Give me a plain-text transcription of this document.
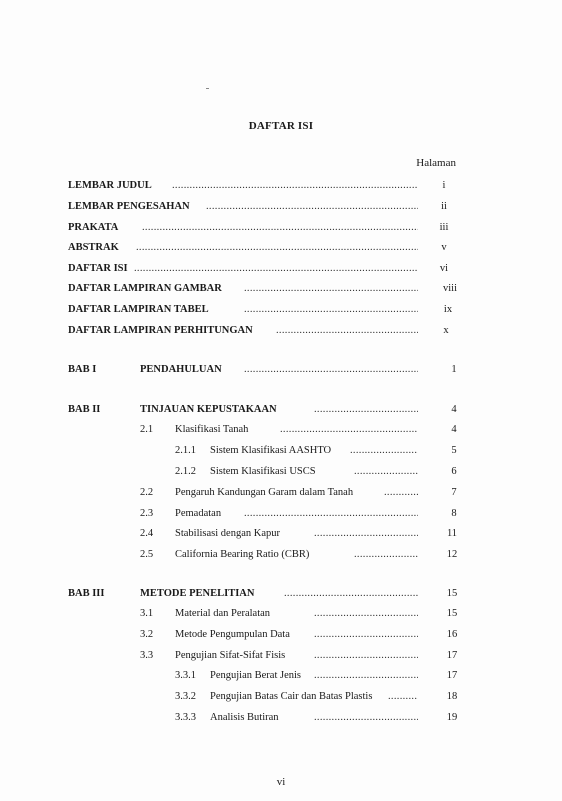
DAFTAR ISI
Halaman
LEMBAR JUDUL .....	i
LEMBAR PENGESAHAN .....	ii
PRAKATA .....	iii
ABSTRAK .....	v
DAFTAR ISI .....	vi
DAFTAR LAMPIRAN GAMBAR .....	viii
DAFTAR LAMPIRAN TABEL .....	ix
DAFTAR LAMPIRAN PERHITUNGAN .....	x
BAB I	PENDAHULUAN .....	1
BAB II	TINJAUAN KEPUSTAKAAN .....	4
2.1 Klasifikasi Tanah .....	4
2.1.1 Sistem Klasifikasi AASHTO .....	5
2.1.2 Sistem Klasifikasi USCS .....	6
2.2 Pengaruh Kandungan Garam dalam Tanah .....	7
2.3 Pemadatan .....	8
2.4 Stabilisasi dengan Kapur .....	11
2.5 California Bearing Ratio (CBR) .....	12
BAB III	METODE PENELITIAN .....	15
3.1 Material dan Peralatan .....	15
3.2 Metode Pengumpulan Data .....	16
3.3 Pengujian Sifat-Sifat Fisis .....	17
3.3.1 Pengujian Berat Jenis .....	17
3.3.2 Pengujian Batas Cair dan Batas Plastis .....	18
3.3.3 Analisis Butiran .....	19
vi
